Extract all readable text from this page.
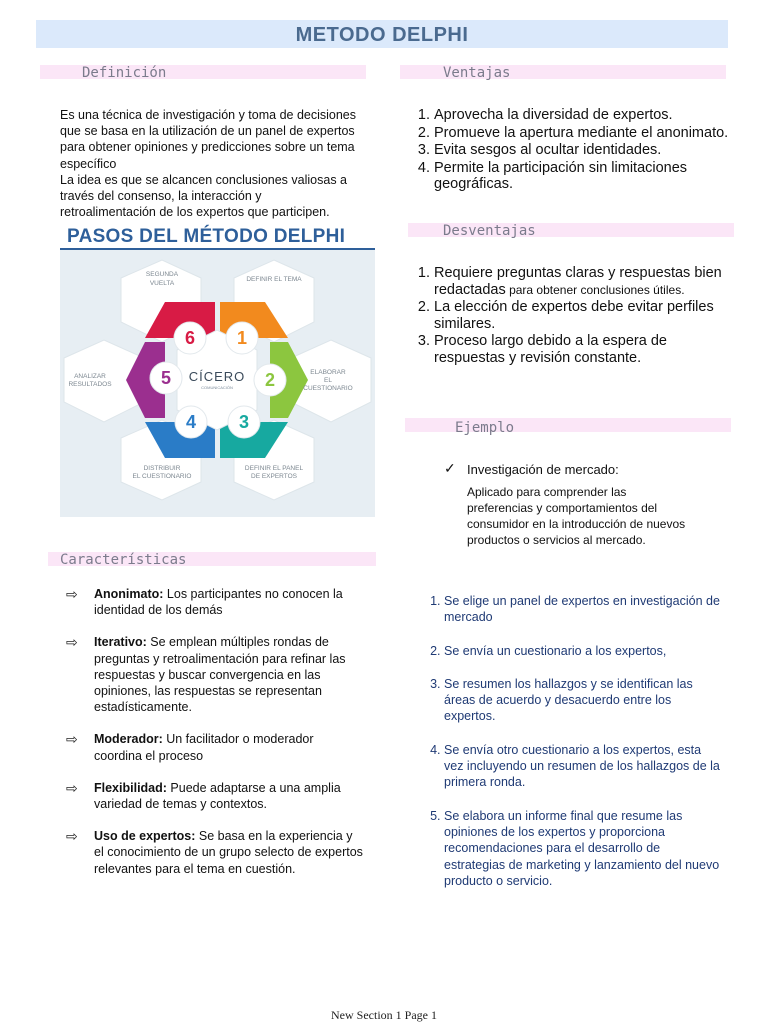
METODO DELPHI
Definición
Es una técnica de investigación y toma de decisiones que se basa en la utilización de un panel de expertos para obtener opiniones y predicciones sobre un tema específico
La idea es que se alcancen conclusiones valiosas a través del consenso, la interacción y retroalimentación de los expertos que participen.
PASOS DEL MÉTODO DELPHI
6 1
2
3
4
5 CÍCERO
COMUNICACIÓN
SEGUNDA
VUELTA
DEFINIR EL TEMA
ANALIZAR
RESULTADOS
ELABORAR
EL
CUESTIONARIO
DISTRIBUIR
EL CUESTIONARIO
DEFINIR EL PANEL
DE EXPERTOS
Características
⇨ Anonimato: Los participantes no conocen la identidad de los demás
⇨ Iterativo: Se emplean múltiples rondas de preguntas y retroalimentación para refinar las respuestas y buscar convergencia en las opiniones, las respuestas se representan estadísticamente.
⇨ Moderador: Un facilitador o moderador coordina el proceso
⇨ Flexibilidad: Puede adaptarse a una amplia variedad de temas y contextos.
⇨ Uso de expertos: Se basa en la experiencia y el conocimiento de un grupo selecto de expertos relevantes para el tema en cuestión.
Ventajas
1. Aprovecha la diversidad de expertos.
2. Promueve la apertura mediante el anonimato.
3. Evita sesgos al ocultar identidades.
4. Permite la participación sin limitaciones geográficas.
Desventajas
1. Requiere preguntas claras y respuestas bien redactadas para obtener conclusiones útiles.
2. La elección de expertos debe evitar perfiles similares.
3. Proceso largo debido a la espera de respuestas y revisión constante.
Ejemplo
✓ Investigación de mercado:
Aplicado para comprender las preferencias y comportamientos del consumidor en la introducción de nuevos productos o servicios al mercado.
1. Se elige un panel de expertos en investigación de mercado
2. Se envía un cuestionario a los expertos,
3. Se resumen los hallazgos y se identifican las áreas de acuerdo y desacuerdo entre los expertos.
4. Se envía otro cuestionario a los expertos, esta vez incluyendo un resumen de los hallazgos de la primera ronda.
5. Se elabora un informe final que resume las opiniones de los expertos y proporciona recomendaciones para el desarrollo de estrategias de marketing y lanzamiento del nuevo producto o servicio.
New Section 1 Page 1
